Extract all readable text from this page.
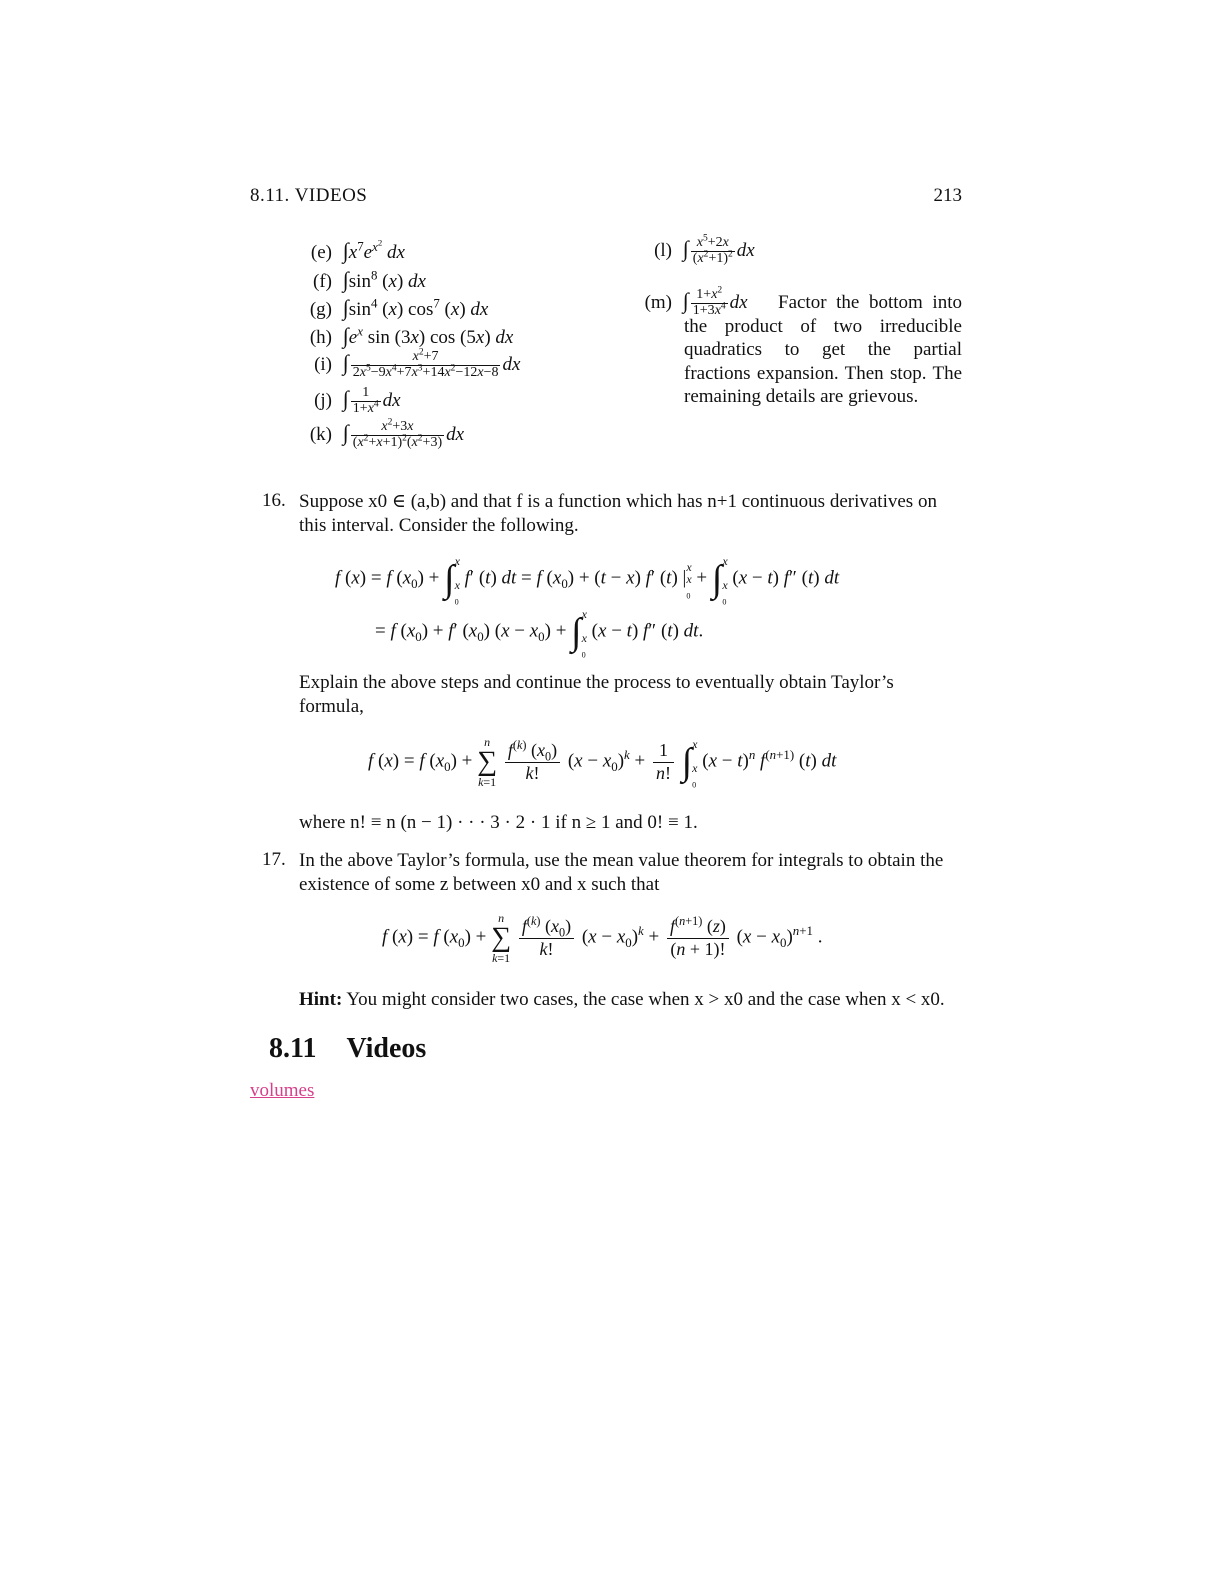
8.11. VIDEOS	213
(e) $\int x^7e^{x^2}$ dx
(f) $\int\sin^8$ (x) dx
(g) $\int\sin^4$ (x) $\cos^7 (x)$ dx
(h) $\int e^x$ sin (3x) cos (5x) dx
(i) ∫ $\frac{x^2+7}{2x^5-9x^4+7x^3+14x^2-12x-8}$ dx
(j) ∫ $\frac{1}{1+x^4}$ dx
(k) ∫ $\frac{x^2+3x}{(x^2+x+1)^2(x^2+3)}$ dx
(l) ∫ $\frac{x^5+2x}{(x^2+1)^2}$ dx
(m) ∫ $\frac{1+x^2}{1+3x^4}$ dx	Factor the bottom into the product of two irreducible quadratics to get the partial fractions expansion. Then stop. The remaining details are grievous.
16. Suppose x0 ∈ (a,b) and that f is a function which has n+1 continuous derivatives on this interval. Consider the following.
f (x) = f $(x_0)$ + ∫ x

x
$_0$ f′ (t) dt = f $(x_0) + (t - x)$ f′ (t) |
x
x
$_0$ + ∫ x

x
$_0$ (x − t) f″ (t) dt
= f $(x_0) + f'$ $(x_0) (x - x_0)$ + ∫ x

x
$_0$ (x − t) f″ (t) dt.
Explain the above steps and continue the process to eventually obtain Taylor’s formula,
f (x) = f $(x_0) + n$
∑
$k=1 \frac{f^{(k)} (x_0)}{k!} (x - x_0)^k + \frac{1}{n!}$ ∫ x

x
$_0$ $(x - t)^n$ $f^{(n+1)}$ (t) dt
where n! ≡ n (n − 1) · · · 3 · 2 · 1 if n ≥ 1 and 0! ≡ 1.
17. In the above Taylor’s formula, use the mean value theorem for integrals to obtain the existence of some z between x0 and x such that
f (x) = f $(x_0) + n$
∑
$k=1 \frac{f^{(k)} (x_0)}{k!} (x - x_0)^k + \frac{f^{(n+1)} (z)}{(n + 1)!} (x - x_0)^{n+1}$ .
Hint: You might consider two cases, the case when x > x0 and the case when x < x0.
8.11 Videos
volumes
